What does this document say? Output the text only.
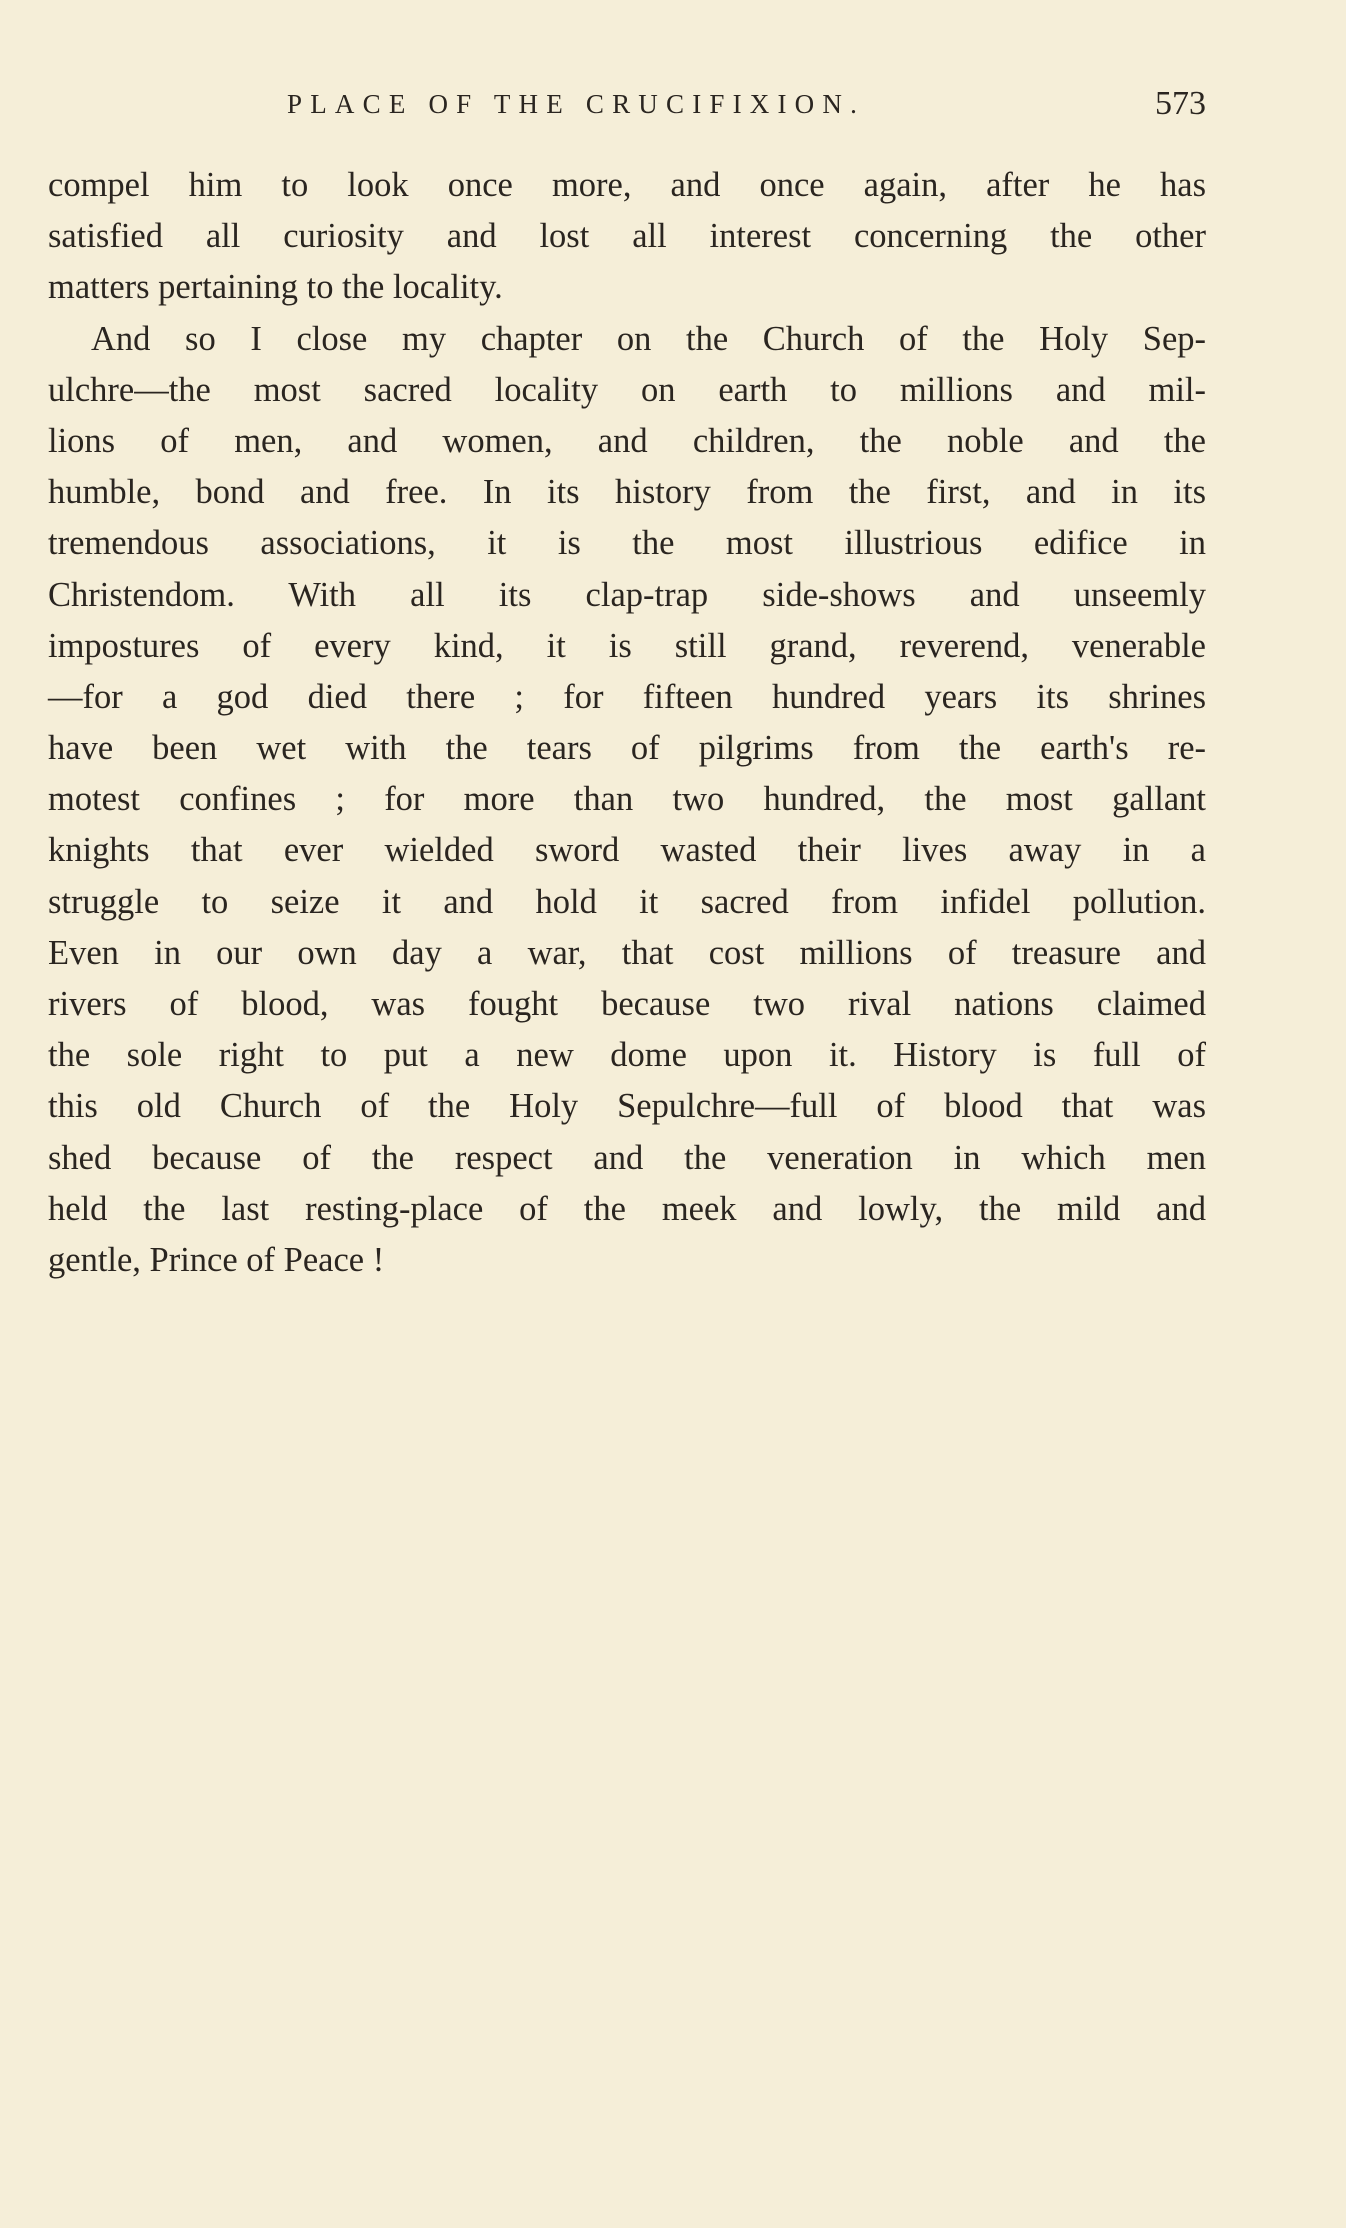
PLACE OF THE CRUCIFIXION.	573
compel him to look once more, and once again, after he has
satisfied all curiosity and lost all interest concerning the other
matters pertaining to the locality.
And so I close my chapter on the Church of the Holy Sep-
ulchre—the most sacred locality on earth to millions and mil-
lions of men, and women, and children, the noble and the
humble, bond and free. In its history from the first, and in its
tremendous associations, it is the most illustrious edifice in
Christendom. With all its clap-trap side-shows and unseemly
impostures of every kind, it is still grand, reverend, venerable
—for a god died there ; for fifteen hundred years its shrines
have been wet with the tears of pilgrims from the earth's re-
motest confines ; for more than two hundred, the most gallant
knights that ever wielded sword wasted their lives away in a
struggle to seize it and hold it sacred from infidel pollution.
Even in our own day a war, that cost millions of treasure and
rivers of blood, was fought because two rival nations claimed
the sole right to put a new dome upon it. History is full of
this old Church of the Holy Sepulchre—full of blood that was
shed because of the respect and the veneration in which men
held the last resting-place of the meek and lowly, the mild and
gentle, Prince of Peace !
